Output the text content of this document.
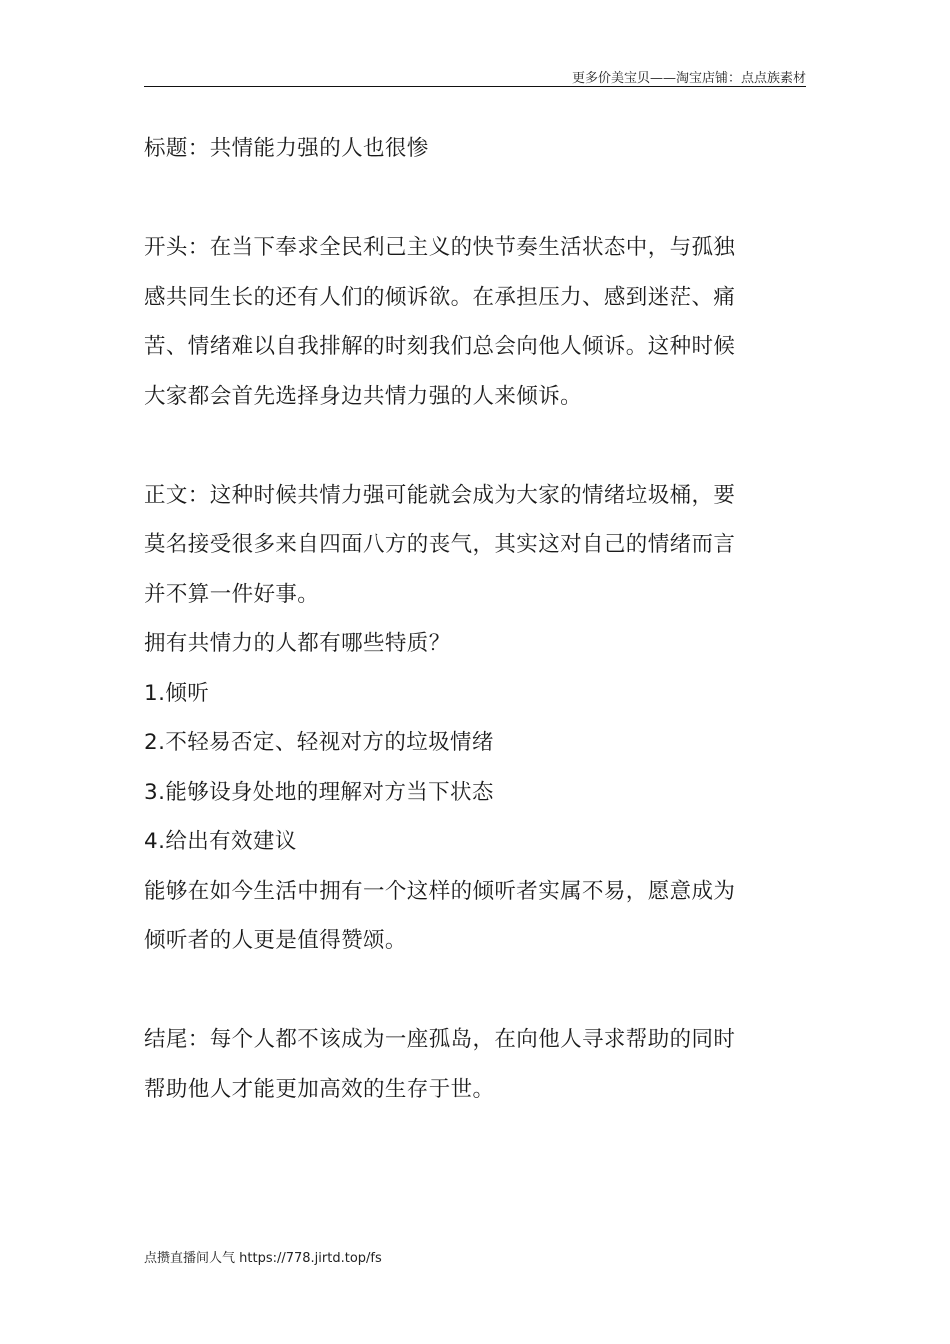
更多价美宝贝——淘宝店铺：点点族素材

标题：共情能力强的人也很惨

开头：在当下奉求全民利己主义的快节奏生活状态中，与孤独

感共同生长的还有人们的倾诉欲。在承担压力、感到迷茫、痛

苦、情绪难以自我排解的时刻我们总会向他人倾诉。这种时候

大家都会首先选择身边共情力强的人来倾诉。

正文：这种时候共情力强可能就会成为大家的情绪垃圾桶，要

莫名接受很多来自四面八方的丧气，其实这对自己的情绪而言

并不算一件好事。

拥有共情力的人都有哪些特质？

1.倾听

2.不轻易否定、轻视对方的垃圾情绪

3.能够设身处地的理解对方当下状态

4.给出有效建议

能够在如今生活中拥有一个这样的倾听者实属不易，愿意成为

倾听者的人更是值得赞颂。

结尾：每个人都不该成为一座孤岛，在向他人寻求帮助的同时

帮助他人才能更加高效的生存于世。

点攒直播间人气 https://778.jirtd.top/fs
